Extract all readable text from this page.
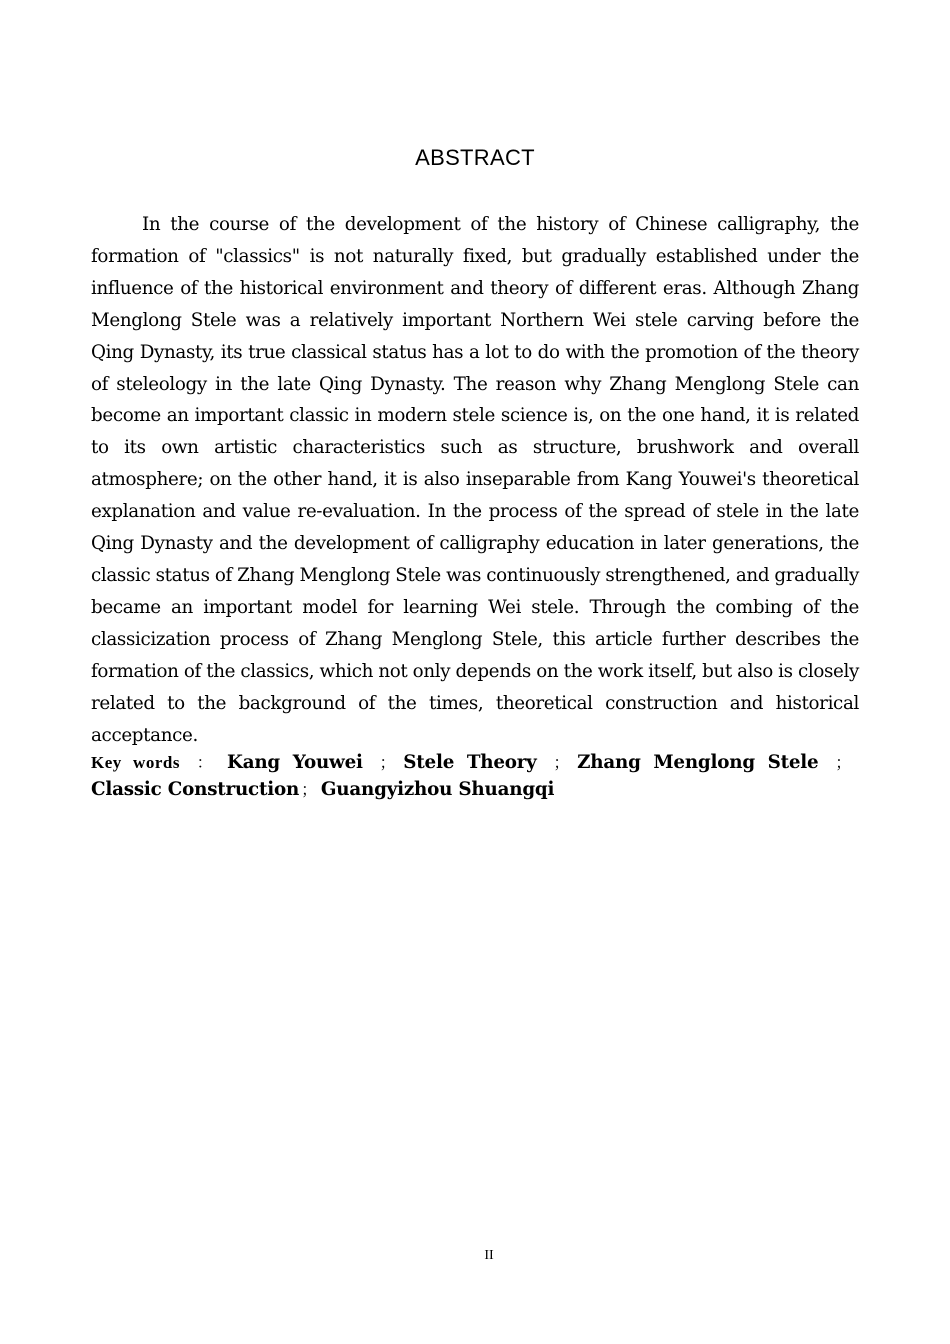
ABSTRACT

In the course of the development of the history of Chinese calligraphy, the formation of "classics" is not naturally fixed, but gradually established under the influence of the historical environment and theory of different eras. Although Zhang Menglong Stele was a relatively important Northern Wei stele carving before the Qing Dynasty, its true classical status has a lot to do with the promotion of the theory of steleology in the late Qing Dynasty. The reason why Zhang Menglong Stele can become an important classic in modern stele science is, on the one hand, it is related to its own artistic characteristics such as structure, brushwork and overall atmosphere; on the other hand, it is also inseparable from Kang Youwei's theoretical explanation and value re-evaluation. In the process of the spread of stele in the late Qing Dynasty and the development of calligraphy education in later generations, the classic status of Zhang Menglong Stele was continuously strengthened, and gradually became an important model for learning Wei stele. Through the combing of the classicization process of Zhang Menglong Stele, this article further describes the formation of the classics, which not only depends on the work itself, but also is closely related to the background of the times, theoretical construction and historical acceptance.

Key words ： Kang Youwei ； Stele Theory ； Zhang Menglong Stele ；Classic Construction ； Guangyizhou Shuangqi

II
